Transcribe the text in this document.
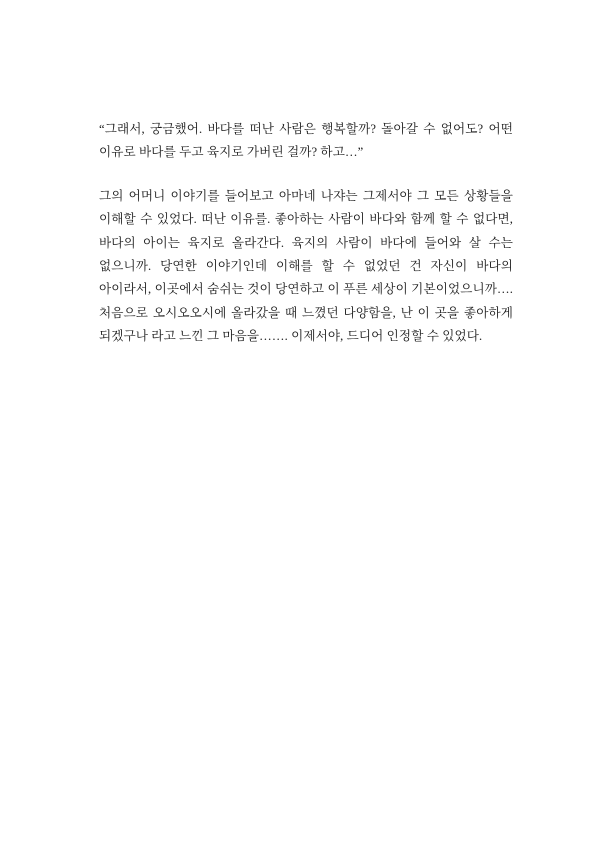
“그래서, 궁금했어. 바다를 떠난 사람은 행복할까? 돌아갈 수 없어도? 어떤 이유로 바다를 두고 육지로 가버린 걸까? 하고…”

그의 어머니 이야기를 들어보고 아마네 나쟈는 그제서야 그 모든 상황들을 이해할 수 있었다. 떠난 이유를. 좋아하는 사람이 바다와 함께 할 수 없다면, 바다의 아이는 육지로 올라간다. 육지의 사람이 바다에 들어와 살 수는 없으니까. 당연한 이야기인데 이해를 할 수 없었던 건 자신이 바다의 아이라서, 이곳에서 숨쉬는 것이 당연하고 이 푸른 세상이 기본이었으니까…. 처음으로 오시오오시에 올라갔을 때 느꼈던 다양함을, 난 이 곳을 좋아하게 되겠구나 라고 느낀 그 마음을……. 이제서야, 드디어 인정할 수 있었다.
